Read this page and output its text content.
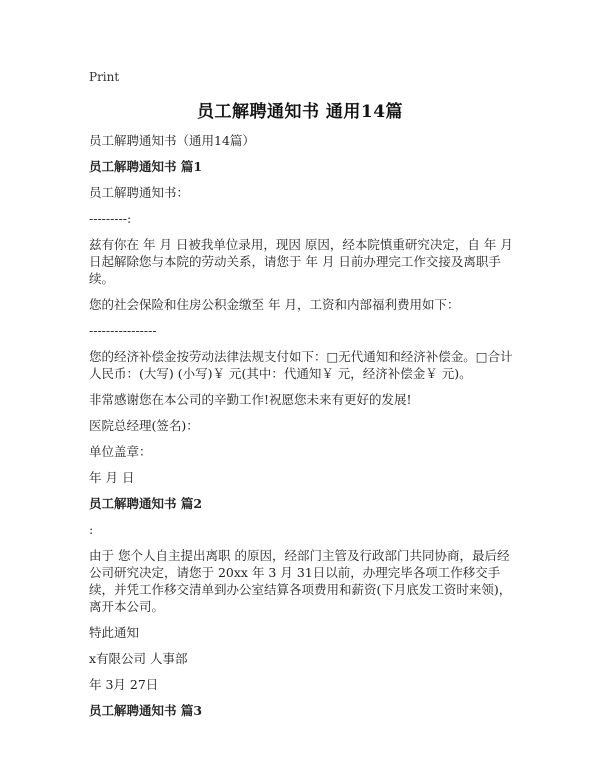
Print
员工解聘通知书 通用14篇

员工解聘通知书（通用14篇）

员工解聘通知书 篇1

员工解聘通知书：

---------:

兹有你在 年 月 日被我单位录用，现因 原因，经本院慎重研究决定，自 年 月 日起解除您与本院的劳动关系，请您于 年 月 日前办理完工作交接及离职手续。

您的社会保险和住房公积金缴至 年 月，工资和内部福利费用如下：

----------------

您的经济补偿金按劳动法律法规支付如下：□无代通知和经济补偿金。□合计人民币：(大写) (小写)￥ 元(其中：代通知￥ 元，经济补偿金￥ 元)。

非常感谢您在本公司的辛勤工作!祝愿您未来有更好的发展!

医院总经理(签名)：

单位盖章：

年 月 日

员工解聘通知书 篇2

:

由于 您个人自主提出离职 的原因，经部门主管及行政部门共同协商，最后经公司研究决定，请您于 20xx 年 3 月 31日以前，办理完毕各项工作移交手续，并凭工作移交清单到办公室结算各项费用和薪资(下月底发工资时来领)，离开本公司。

特此通知

x有限公司 人事部

年 3月 27日

员工解聘通知书 篇3
